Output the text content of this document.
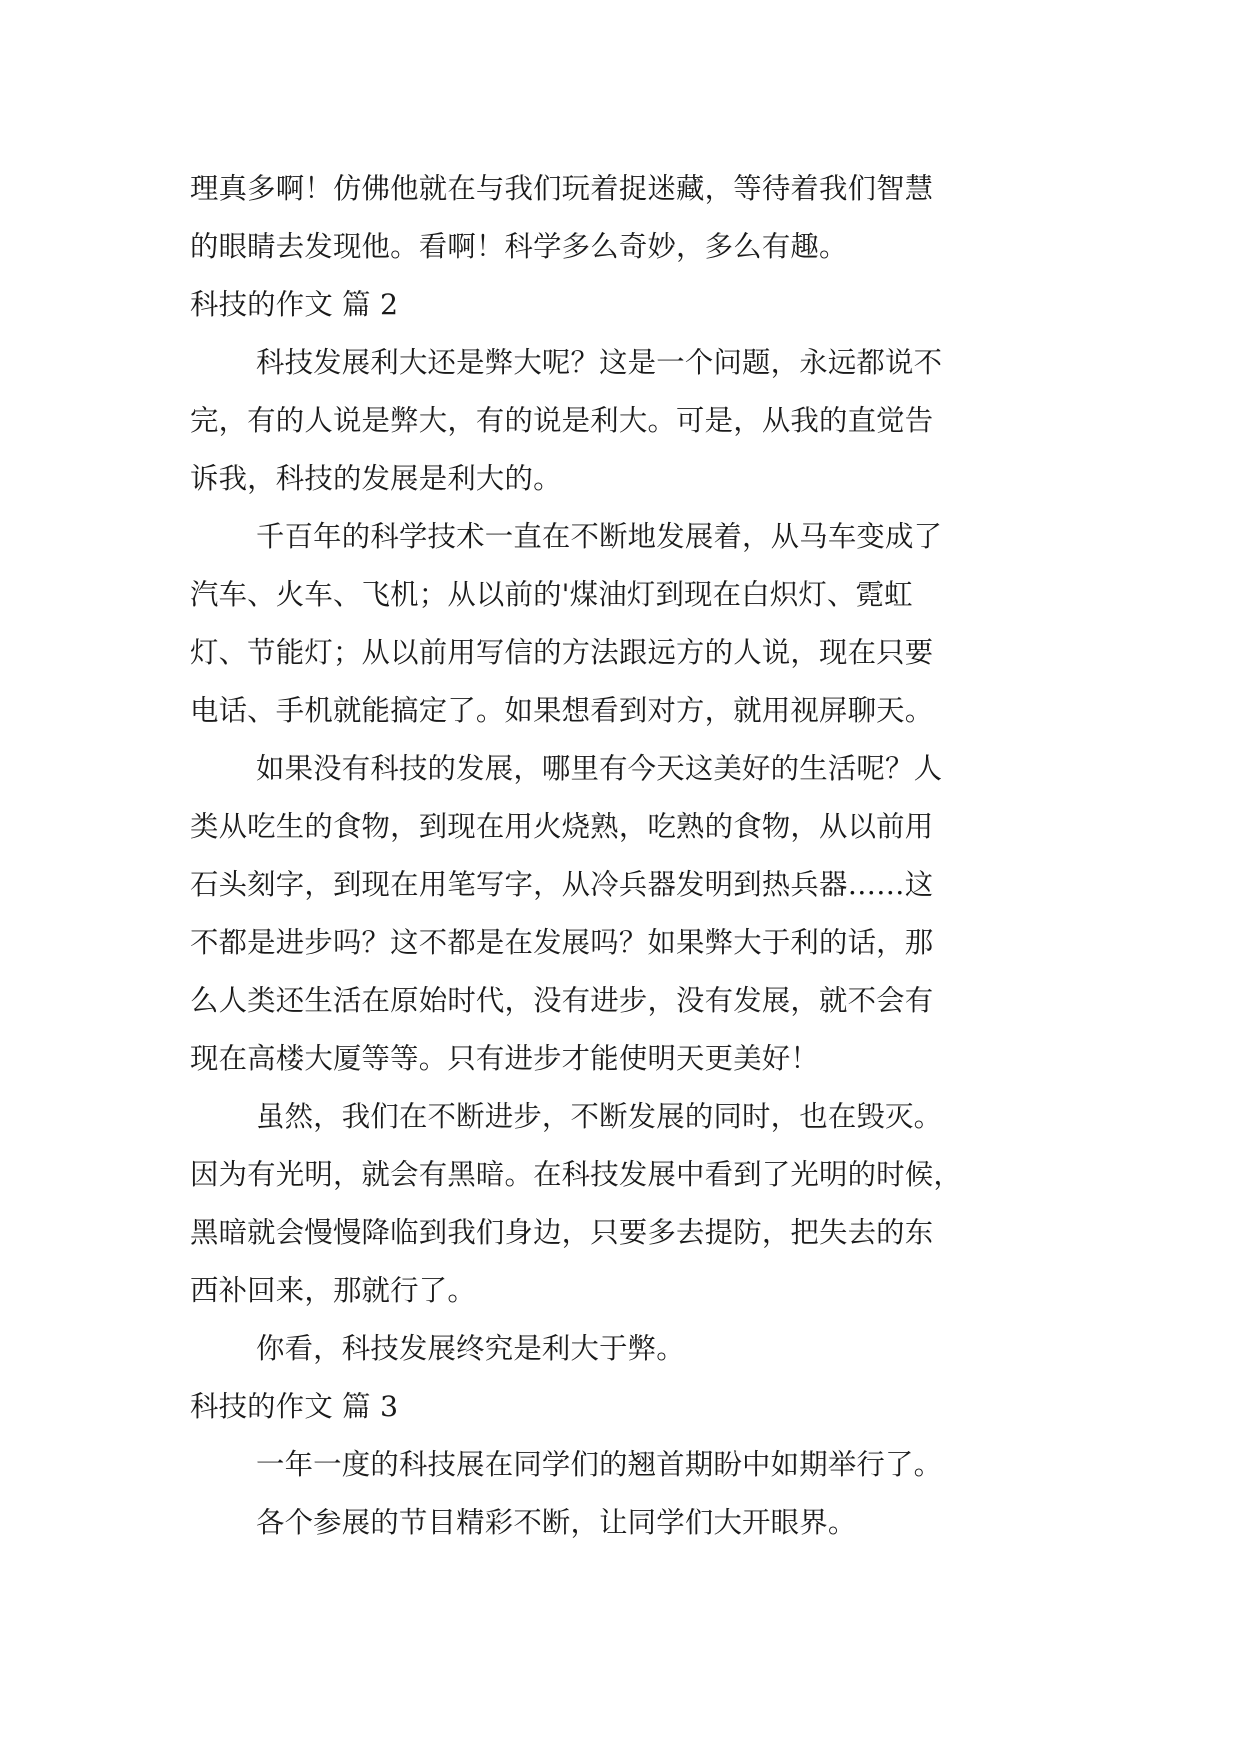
理真多啊！仿佛他就在与我们玩着捉迷藏，等待着我们智慧
的眼睛去发现他。看啊！科学多么奇妙，多么有趣。
科技的作文 篇 2
科技发展利大还是弊大呢？这是一个问题，永远都说不
完，有的人说是弊大，有的说是利大。可是，从我的直觉告
诉我，科技的发展是利大的。
千百年的科学技术一直在不断地发展着，从马车变成了
汽车、火车、飞机；从以前的'煤油灯到现在白炽灯、霓虹
灯、节能灯；从以前用写信的方法跟远方的人说，现在只要
电话、手机就能搞定了。如果想看到对方，就用视屏聊天。
如果没有科技的发展，哪里有今天这美好的生活呢？人
类从吃生的食物，到现在用火烧熟，吃熟的食物，从以前用
石头刻字，到现在用笔写字，从冷兵器发明到热兵器……这
不都是进步吗？这不都是在发展吗？如果弊大于利的话，那
么人类还生活在原始时代，没有进步，没有发展，就不会有
现在高楼大厦等等。只有进步才能使明天更美好！
虽然，我们在不断进步，不断发展的同时，也在毁灭。
因为有光明，就会有黑暗。在科技发展中看到了光明的时候，
黑暗就会慢慢降临到我们身边，只要多去提防，把失去的东
西补回来，那就行了。
你看，科技发展终究是利大于弊。
科技的作文 篇 3
一年一度的科技展在同学们的翘首期盼中如期举行了。
各个参展的节目精彩不断，让同学们大开眼界。
